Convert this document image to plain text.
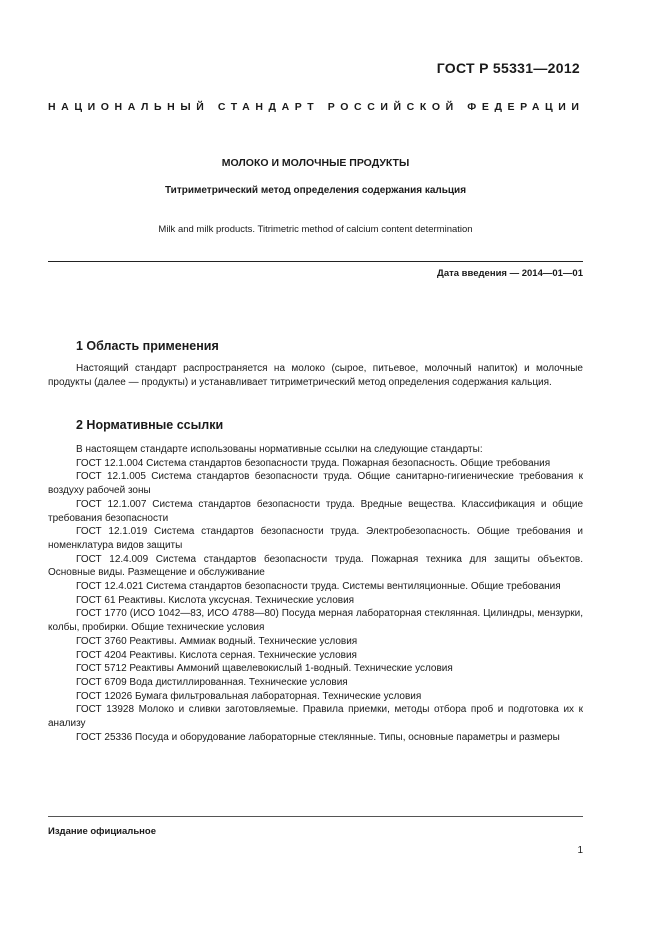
ГОСТ Р 55331—2012
НАЦИОНАЛЬНЫЙ СТАНДАРТ РОССИЙСКОЙ ФЕДЕРАЦИИ
МОЛОКО И МОЛОЧНЫЕ ПРОДУКТЫ
Титриметрический метод определения содержания кальция
Milk and milk products. Titrimetric method of calcium content determination
Дата введения — 2014—01—01
1 Область применения

Настоящий стандарт распространяется на молоко (сырое, питьевое, молочный напиток) и молочные продукты (далее — продукты) и устанавливает титриметрический метод определения содержания кальция.

2 Нормативные ссылки

В настоящем стандарте использованы нормативные ссылки на следующие стандарты:

ГОСТ 12.1.004 Система стандартов безопасности труда. Пожарная безопасность. Общие требования

ГОСТ 12.1.005 Система стандартов безопасности труда. Общие санитарно-гигиенические требования к воздуху рабочей зоны

ГОСТ 12.1.007 Система стандартов безопасности труда. Вредные вещества. Классификация и общие требования безопасности

ГОСТ 12.1.019 Система стандартов безопасности труда. Электробезопасность. Общие требования и номенклатура видов защиты

ГОСТ 12.4.009 Система стандартов безопасности труда. Пожарная техника для защиты объектов. Основные виды. Размещение и обслуживание

ГОСТ 12.4.021 Система стандартов безопасности труда. Системы вентиляционные. Общие требования

ГОСТ 61 Реактивы. Кислота уксусная. Технические условия

ГОСТ 1770 (ИСО 1042—83, ИСО 4788—80) Посуда мерная лабораторная стеклянная. Цилиндры, мензурки, колбы, пробирки. Общие технические условия

ГОСТ 3760 Реактивы. Аммиак водный. Технические условия

ГОСТ 4204 Реактивы. Кислота серная. Технические условия

ГОСТ 5712 Реактивы Аммоний щавелевокислый 1-водный. Технические условия

ГОСТ 6709 Вода дистиллированная. Технические условия

ГОСТ 12026 Бумага фильтровальная лабораторная. Технические условия

ГОСТ 13928 Молоко и сливки заготовляемые. Правила приемки, методы отбора проб и подготовка их к анализу

ГОСТ 25336 Посуда и оборудование лабораторные стеклянные. Типы, основные параметры и размеры

Издание официальное
1
